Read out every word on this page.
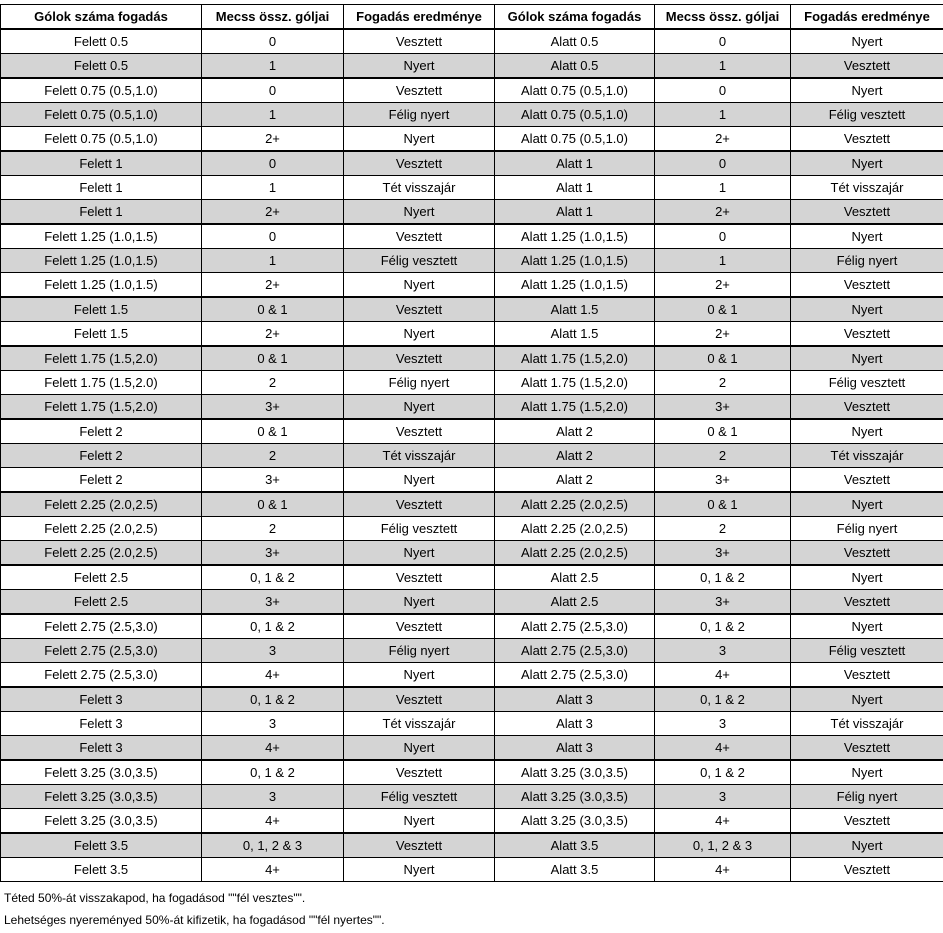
Gólok száma fogadás	Mecss össz. góljai	Fogadás eredménye	Gólok száma fogadás	Mecss össz. góljai	Fogadás eredménye
Felett 0.5	0	Vesztett	Alatt 0.5	0	Nyert
Felett 0.5	1	Nyert	Alatt 0.5	1	Vesztett
Felett 0.75 (0.5,1.0)	0	Vesztett	Alatt 0.75 (0.5,1.0)	0	Nyert
Felett 0.75 (0.5,1.0)	1	Félig nyert	Alatt 0.75 (0.5,1.0)	1	Félig vesztett
Felett 0.75 (0.5,1.0)	2+	Nyert	Alatt 0.75 (0.5,1.0)	2+	Vesztett
Felett 1	0	Vesztett	Alatt 1	0	Nyert
Felett 1	1	Tét visszajár	Alatt 1	1	Tét visszajár
Felett 1	2+	Nyert	Alatt 1	2+	Vesztett
Felett 1.25 (1.0,1.5)	0	Vesztett	Alatt 1.25 (1.0,1.5)	0	Nyert
Felett 1.25 (1.0,1.5)	1	Félig vesztett	Alatt 1.25 (1.0,1.5)	1	Félig nyert
Felett 1.25 (1.0,1.5)	2+	Nyert	Alatt 1.25 (1.0,1.5)	2+	Vesztett
Felett 1.5	0 & 1	Vesztett	Alatt 1.5	0 & 1	Nyert
Felett 1.5	2+	Nyert	Alatt 1.5	2+	Vesztett
Felett 1.75 (1.5,2.0)	0 & 1	Vesztett	Alatt 1.75 (1.5,2.0)	0 & 1	Nyert
Felett 1.75 (1.5,2.0)	2	Félig nyert	Alatt 1.75 (1.5,2.0)	2	Félig vesztett
Felett 1.75 (1.5,2.0)	3+	Nyert	Alatt 1.75 (1.5,2.0)	3+	Vesztett
Felett 2	0 & 1	Vesztett	Alatt 2	0 & 1	Nyert
Felett 2	2	Tét visszajár	Alatt 2	2	Tét visszajár
Felett 2	3+	Nyert	Alatt 2	3+	Vesztett
Felett 2.25 (2.0,2.5)	0 & 1	Vesztett	Alatt 2.25 (2.0,2.5)	0 & 1	Nyert
Felett 2.25 (2.0,2.5)	2	Félig vesztett	Alatt 2.25 (2.0,2.5)	2	Félig nyert
Felett 2.25 (2.0,2.5)	3+	Nyert	Alatt 2.25 (2.0,2.5)	3+	Vesztett
Felett 2.5	0, 1 & 2	Vesztett	Alatt 2.5	0, 1 & 2	Nyert
Felett 2.5	3+	Nyert	Alatt 2.5	3+	Vesztett
Felett 2.75 (2.5,3.0)	0, 1 & 2	Vesztett	Alatt 2.75 (2.5,3.0)	0, 1 & 2	Nyert
Felett 2.75 (2.5,3.0)	3	Félig nyert	Alatt 2.75 (2.5,3.0)	3	Félig vesztett
Felett 2.75 (2.5,3.0)	4+	Nyert	Alatt 2.75 (2.5,3.0)	4+	Vesztett
Felett 3	0, 1 & 2	Vesztett	Alatt 3	0, 1 & 2	Nyert
Felett 3	3	Tét visszajár	Alatt 3	3	Tét visszajár
Felett 3	4+	Nyert	Alatt 3	4+	Vesztett
Felett 3.25 (3.0,3.5)	0, 1 & 2	Vesztett	Alatt 3.25 (3.0,3.5)	0, 1 & 2	Nyert
Felett 3.25 (3.0,3.5)	3	Félig vesztett	Alatt 3.25 (3.0,3.5)	3	Félig nyert
Felett 3.25 (3.0,3.5)	4+	Nyert	Alatt 3.25 (3.0,3.5)	4+	Vesztett
Felett 3.5	0, 1, 2 & 3	Vesztett	Alatt 3.5	0, 1, 2 & 3	Nyert
Felett 3.5	4+	Nyert	Alatt 3.5	4+	Vesztett
Téted 50%-át visszakapod, ha fogadásod ""fél vesztes"".
Lehetséges nyereményed 50%-át kifizetik, ha fogadásod ""fél nyertes"".
